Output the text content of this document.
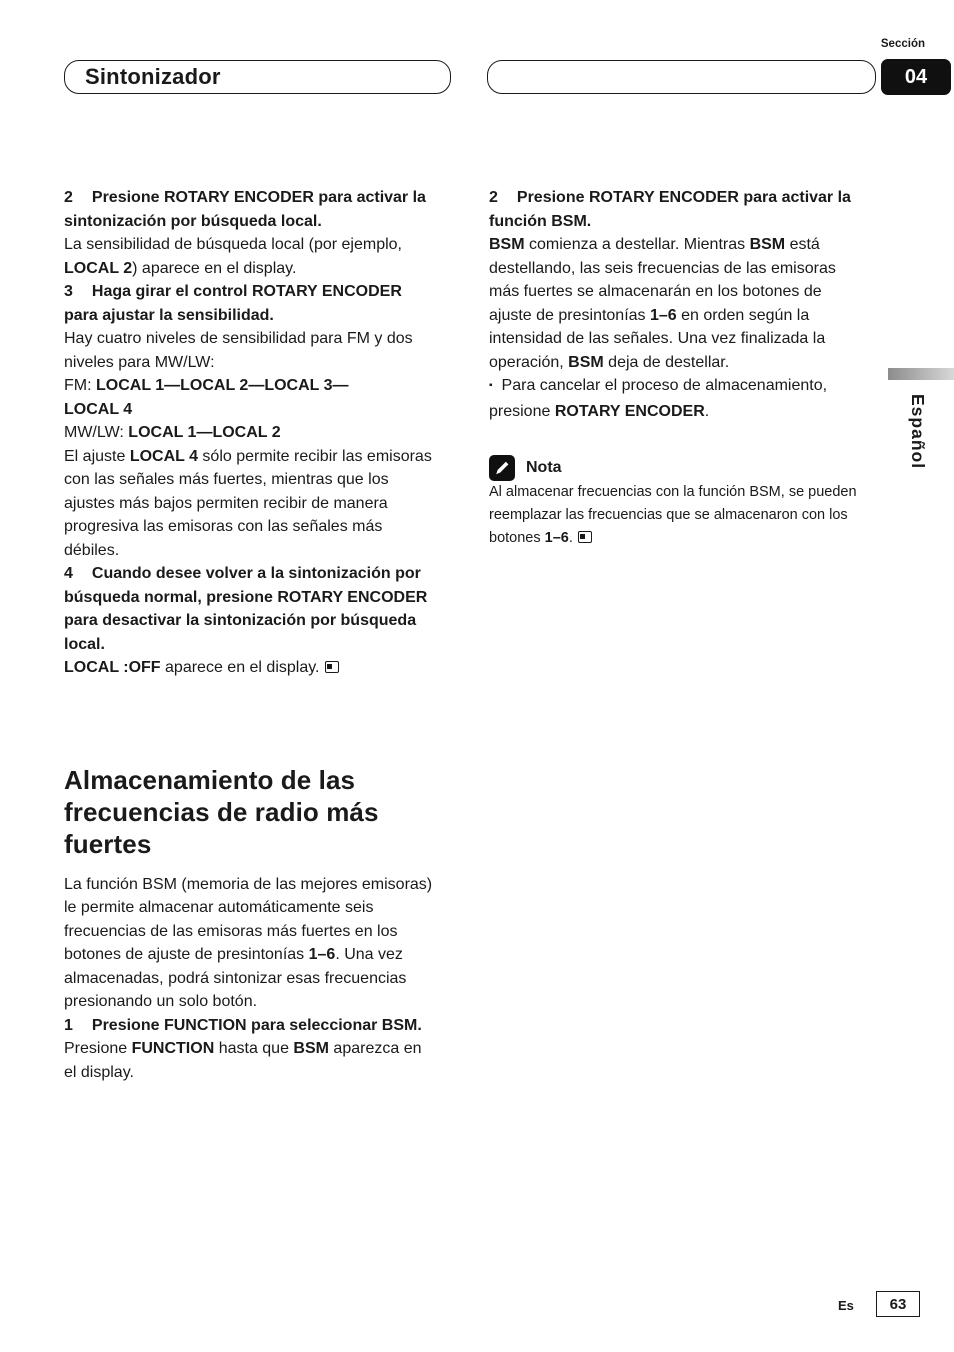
Sintonizador
Sección
04
Español

2 Presione ROTARY ENCODER para activar la sintonización por búsqueda local.

La sensibilidad de búsqueda local (por ejemplo, LOCAL 2) aparece en el display.

3 Haga girar el control ROTARY ENCODER para ajustar la sensibilidad.

Hay cuatro niveles de sensibilidad para FM y dos niveles para MW/LW:
FM: LOCAL 1—LOCAL 2—LOCAL 3—
LOCAL 4
MW/LW: LOCAL 1—LOCAL 2
El ajuste LOCAL 4 sólo permite recibir las emisoras con las señales más fuertes, mientras que los ajustes más bajos permiten recibir de manera progresiva las emisoras con las señales más débiles.

4 Cuando desee volver a la sintonización por búsqueda normal, presione ROTARY ENCODER para desactivar la sintonización por búsqueda local.

LOCAL :OFF aparece en el display.

Almacenamiento de las frecuencias de radio más fuertes

La función BSM (memoria de las mejores emisoras) le permite almacenar automáticamente seis frecuencias de las emisoras más fuertes en los botones de ajuste de presintonías 1–6. Una vez almacenadas, podrá sintonizar esas frecuencias presionando un solo botón.

1 Presione FUNCTION para seleccionar BSM.

Presione FUNCTION hasta que BSM aparezca en el display.

2 Presione ROTARY ENCODER para activar la función BSM.

BSM comienza a destellar. Mientras BSM está destellando, las seis frecuencias de las emisoras más fuertes se almacenarán en los botones de ajuste de presintonías 1–6 en orden según la intensidad de las señales. Una vez finalizada la operación, BSM deja de destellar.

▪ Para cancelar el proceso de almacenamiento, presione ROTARY ENCODER.

Nota

Al almacenar frecuencias con la función BSM, se pueden reemplazar las frecuencias que se almacenaron con los botones 1–6.

Es	63
